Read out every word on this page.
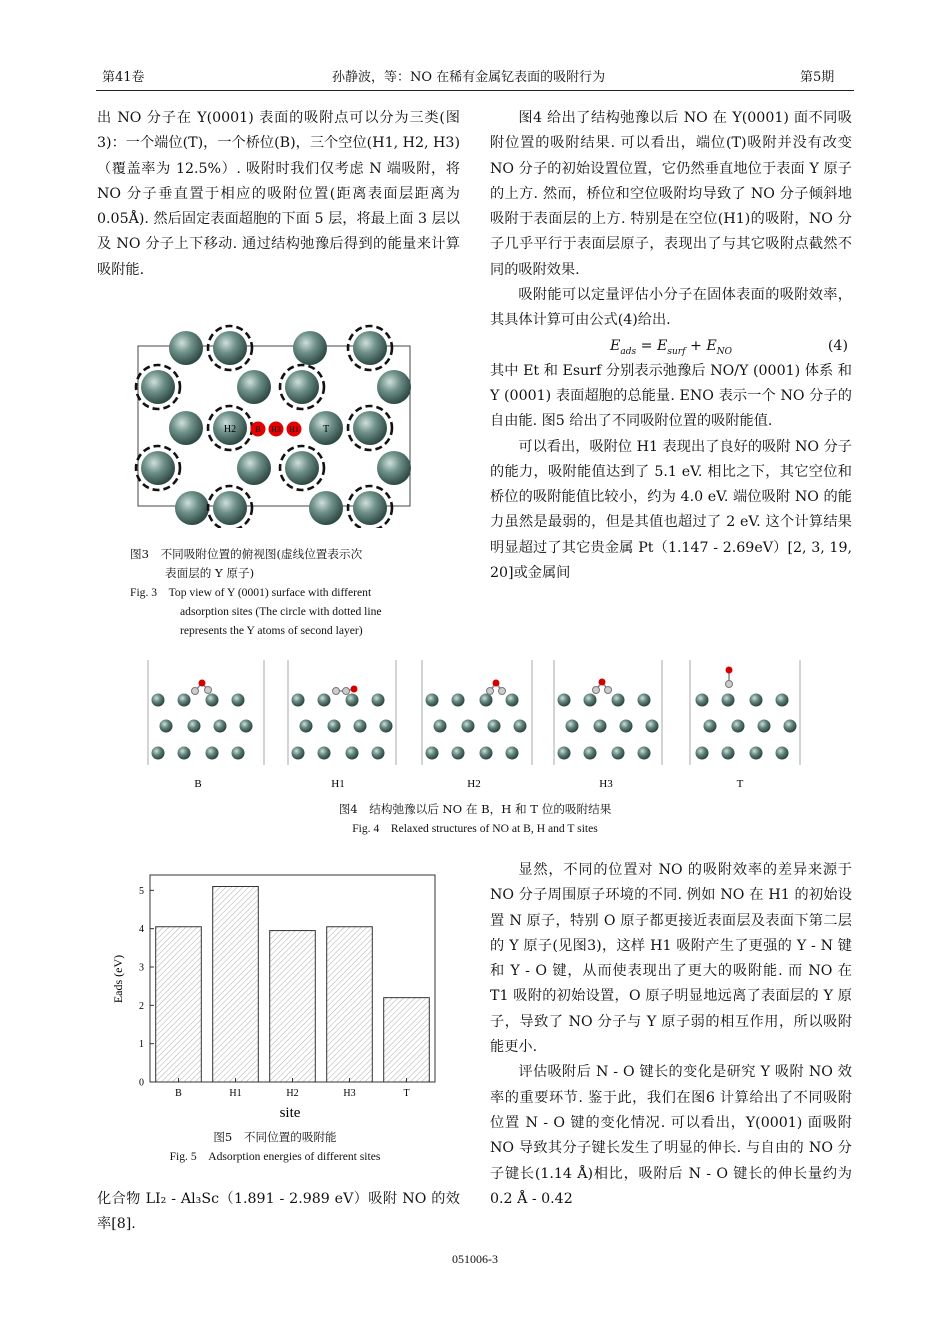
第41卷	孙静波，等：NO 在稀有金属钇表面的吸附行为	第5期

出 NO 分子在 Y(0001) 表面的吸附点可以分为三类(图3)：一个端位(T)，一个桥位(B)，三个空位(H1, H2, H3)（覆盖率为 12.5%）. 吸附时我们仅考虑 N 端吸附，将 NO 分子垂直置于相应的吸附位置(距离表面层距离为 0.05Å). 然后固定表面超胞的下面 5 层，将最上面 3 层以及 NO 分子上下移动. 通过结构弛豫后得到的能量来计算吸附能.

H2 B H3 H1 T
图3　不同吸附位置的俯视图(虚线位置表示次
表面层的 Y 原子)
Fig. 3　Top view of Y (0001) surface with different
adsorption sites (The circle with dotted line
represents the Y atoms of second layer)

图4 给出了结构弛豫以后 NO 在 Y(0001) 面不同吸附位置的吸附结果. 可以看出，端位(T)吸附并没有改变 NO 分子的初始设置位置，它仍然垂直地位于表面 Y 原子的上方. 然而，桥位和空位吸附均导致了 NO 分子倾斜地吸附于表面层的上方. 特别是在空位(H1)的吸附，NO 分子几乎平行于表面层原子，表现出了与其它吸附点截然不同的吸附效果.

吸附能可以定量评估小分子在固体表面的吸附效率，其具体计算可由公式(4)给出.

$E_{ads} = E_{surf} + E_{NO}$	(4)

其中 Et 和 Esurf 分别表示弛豫后 NO/Y (0001) 体系 和 Y (0001) 表面超胞的总能量. ENO 表示一个 NO 分子的自由能. 图5 给出了不同吸附位置的吸附能值.

可以看出，吸附位 H1 表现出了良好的吸附 NO 分子的能力，吸附能值达到了 5.1 eV. 相比之下，其它空位和桥位的吸附能值比较小，约为 4.0 eV. 端位吸附 NO 的能力虽然是最弱的，但是其值也超过了 2 eV. 这个计算结果明显超过了其它贵金属 Pt（1.147 - 2.69eV）[2, 3, 19, 20]或金属间

B	H1	H2	H3	T
图4　结构弛豫以后 NO 在 B，H 和 T 位的吸附结果
Fig. 4　Relaxed structures of NO at B, H and T sites
0
1
2
3
4
5
B	H1	H2	H3	T
site
Eads (eV)
图5　不同位置的吸附能
Fig. 5　Adsorption energies of different sites

化合物 LI₂ - Al₃Sc（1.891 - 2.989 eV）吸附 NO 的效率[8].

显然，不同的位置对 NO 的吸附效率的差异来源于NO 分子周围原子环境的不同. 例如 NO 在 H1 的初始设置 N 原子，特别 O 原子都更接近表面层及表面下第二层的 Y 原子(见图3)，这样 H1 吸附产生了更强的 Y - N 键和 Y - O 键，从而使表现出了更大的吸附能. 而 NO 在 T1 吸附的初始设置，O 原子明显地远离了表面层的 Y 原子，导致了 NO 分子与 Y 原子弱的相互作用，所以吸附能更小.

评估吸附后 N - O 键长的变化是研究 Y 吸附 NO 效率的重要环节. 鉴于此，我们在图6 计算给出了不同吸附位置 N - O 键的变化情况. 可以看出，Y(0001) 面吸附 NO 导致其分子键长发生了明显的伸长. 与自由的 NO 分子键长(1.14 Å)相比，吸附后 N - O 键长的伸长量约为 0.2 Å - 0.42

051006-3
